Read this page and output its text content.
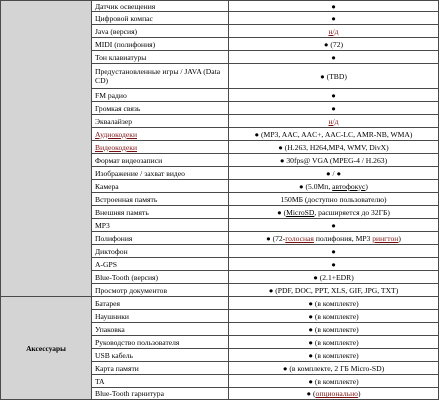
	Датчик освещения	●
	Цифровой компас	●
	Java (версия)	н/д
	MIDI (полифония)	● (72)
	Тон клавиатуры	●
	Предустановленные игры / JAVA (Data CD)	● (TBD)
	FM радио	●
	Громкая связь	●
	Эквалайзер	н/д
	Аудиокодеки	● (MP3, AAC, AAC+, AAC-LC, AMR-NB, WMA)
	Видеокодеки	● (H.263, H264,MP4, WMV, DivX)
	Формат видеозаписи	● 30fps@ VGA (MPEG-4 / H.263)
	Изображение / захват видео	● / ●
	Камера	● (5.0Mп, автофокус)
	Встроенная память	150МБ (доступно пользователю)
	Внешняя память	● (MicroSD, расширяется до 32ГБ)
	MP3	●
	Полифония	● (72-голосная полифония, MP3 рингтон)
	Диктофон	●
	A-GPS	●
	Blue-Tooth (версия)	● (2.1+EDR)
	Просмотр документов	● (PDF, DOC, PPT, XLS, GIF, JPG, TXT)
Аксессуары	Батарея	● (в комплекте)
	Наушники	● (в комплекте)
	Упаковка	● (в комплекте)
	Руководство пользователя	● (в комплекте)
	USB кабель	● (в комплекте)
	Карта памяти	● (в комплекте, 2 ГБ Micro-SD)
	TA	● (в комплекте)
	Blue-Tooth гарнитура	● (опционально)
